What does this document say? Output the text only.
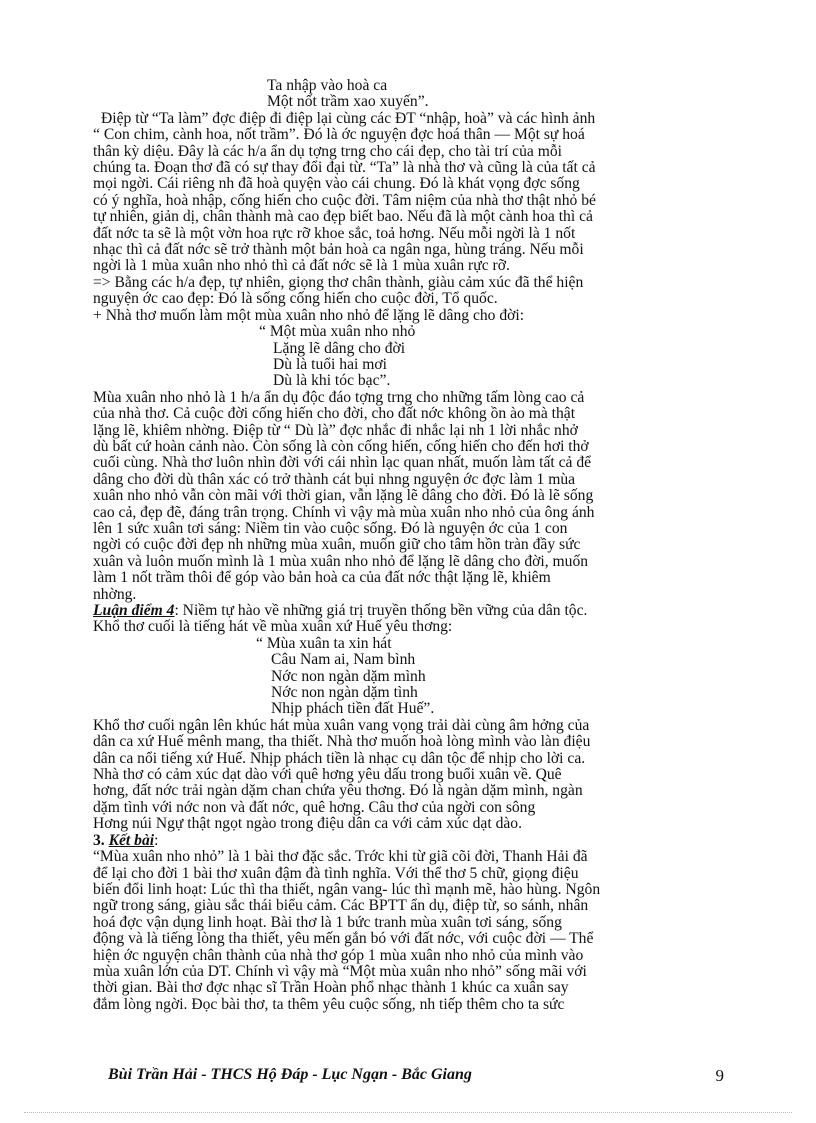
Ta nhập vào hoà ca
Một nốt trầm xao xuyến”.
Điệp từ “Ta làm” đợc điệp đi điệp lại cùng các ĐT “nhập, hoà” và các hình ảnh
“ Con chim, cành hoa, nốt trầm”. Đó là ớc nguyện đợc hoá thân — Một sự hoá
thân kỳ diệu. Đây là các h/a ẩn dụ tợng trng cho cái đẹp, cho tài trí của mỗi
chúng ta. Đoạn thơ đã có sự thay đổi đại từ. “Ta” là nhà thơ và cũng là của tất cả
mọi ngời. Cái riêng nh đã hoà quyện vào cái chung. Đó là khát vọng đợc sống
có ý nghĩa, hoà nhập, cống hiến cho cuộc đời. Tâm niệm của nhà thơ thật nhỏ bé
tự nhiên, giản dị, chân thành mà cao đẹp biết bao. Nếu đã là một cành hoa thì cả
đất nớc ta sẽ là một vờn hoa rực rỡ khoe sắc, toả hơng. Nếu mỗi ngời là 1 nốt
nhạc thì cả đất nớc sẽ trở thành một bản hoà ca ngân nga, hùng tráng. Nếu mỗi
ngời là 1 mùa xuân nho nhỏ thì cả đất nớc sẽ là 1 mùa xuân rực rỡ.
=> Bằng các h/a đẹp, tự nhiên, giọng thơ chân thành, giàu cảm xúc đã thể hiện
nguyện ớc cao đẹp: Đó là sống cống hiến cho cuộc đời, Tổ quốc.
+ Nhà thơ muốn làm một mùa xuân nho nhỏ để lặng lẽ dâng cho đời:
“ Một mùa xuân nho nhỏ
Lặng lẽ dâng cho đời
Dù là tuổi hai mơi
Dù là khi tóc bạc”.
Mùa xuân nho nhỏ là 1 h/a ẩn dụ độc đáo tợng trng cho những tấm lòng cao cả
của nhà thơ. Cả cuộc đời cống hiến cho đời, cho đất nớc không ồn ào mà thật
lặng lẽ, khiêm nhờng. Điệp từ “ Dù là” đợc nhắc đi nhắc lại nh 1 lời nhắc nhở
dù bất cứ hoàn cảnh nào. Còn sống là còn cống hiến, cống hiến cho đến hơi thở
cuối cùng. Nhà thơ luôn nhìn đời với cái nhìn lạc quan nhất, muốn làm tất cả để
dâng cho đời dù thân xác có trở thành cát bụi nhng nguyện ớc đợc làm 1 mùa
xuân nho nhỏ vẫn còn mãi với thời gian, vẫn lặng lẽ dâng cho đời. Đó là lẽ sống
cao cả, đẹp đẽ, đáng trân trọng. Chính vì vậy mà mùa xuân nho nhỏ của ông ánh
lên 1 sức xuân tơi sáng: Niềm tin vào cuộc sống. Đó là nguyện ớc của 1 con
ngời có cuộc đời đẹp nh những mùa xuân, muốn giữ cho tâm hồn tràn đầy sức
xuân và luôn muốn mình là 1 mùa xuân nho nhỏ để lặng lẽ dâng cho đời, muốn
làm 1 nốt trầm thôi để góp vào bản hoà ca của đất nớc thật lặng lẽ, khiêm
nhờng.
Luận điểm 4: Niềm tự hào về những giá trị truyền thống bền vững của dân tộc.
Khổ thơ cuối là tiếng hát về mùa xuân xứ Huế yêu thơng:
“ Mùa xuân ta xin hát
Câu Nam ai, Nam bình
Nớc non ngàn dặm mình
Nớc non ngàn dặm tình
Nhịp phách tiền đất Huế”.
Khổ thơ cuối ngân lên khúc hát mùa xuân vang vọng trải dài cùng âm hởng của
dân ca xứ Huế mênh mang, tha thiết. Nhà thơ muốn hoà lòng mình vào làn điệu
dân ca nổi tiếng xứ Huế. Nhịp phách tiền là nhạc cụ dân tộc để nhịp cho lời ca.
Nhà thơ có cảm xúc dạt dào với quê hơng yêu dấu trong buổi xuân về. Quê
hơng, đất nớc trải ngàn dặm chan chứa yêu thơng. Đó là ngàn dặm mình, ngàn
dặm tình với nớc non và đất nớc, quê hơng. Câu thơ của ngời con sông
Hơng núi Ngự thật ngọt ngào trong điệu dân ca với cảm xúc dạt dào.
3. Kết bài:
“Mùa xuân nho nhỏ” là 1 bài thơ đặc sắc. Trớc khi từ giã cõi đời, Thanh Hải đã
để lại cho đời 1 bài thơ xuân đậm đà tình nghĩa. Với thể thơ 5 chữ, giọng điệu
biến đổi linh hoạt: Lúc thì tha thiết, ngân vang- lúc thì mạnh mẽ, hào hùng. Ngôn
ngữ trong sáng, giàu sắc thái biểu cảm. Các BPTT ẩn dụ, điệp từ, so sánh, nhân
hoá đợc vận dụng linh hoạt. Bài thơ là 1 bức tranh mùa xuân tơi sáng, sống
động và là tiếng lòng tha thiết, yêu mến gắn bó với đất nớc, với cuộc đời — Thể
hiện ớc nguyện chân thành của nhà thơ góp 1 mùa xuân nho nhỏ của mình vào
mùa xuân lớn của DT. Chính vì vậy mà “Một mùa xuân nho nhỏ” sống mãi với
thời gian. Bài thơ đợc nhạc sĩ Trần Hoàn phổ nhạc thành 1 khúc ca xuân say
đắm lòng ngời. Đọc bài thơ, ta thêm yêu cuộc sống, nh tiếp thêm cho ta sức
Bùi Trần Hải - THCS Hộ Đáp - Lục Ngạn - Bắc Giang	9
